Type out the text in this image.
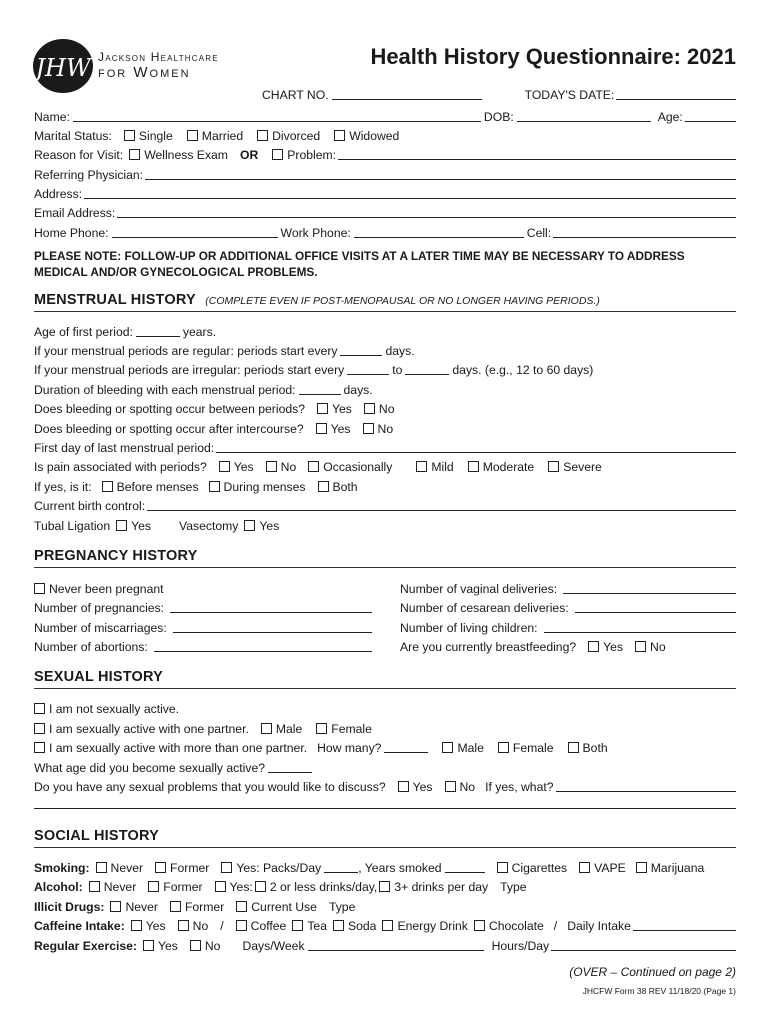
JHW Jackson Healthcare
for Women
Health History Questionnaire: 2021
CHART NO.	TODAY'S DATE:
Name:	DOB:	Age:
Marital Status: Single Married Divorced Widowed
Reason for Visit: Wellness Exam OR Problem:
Referring Physician:
Address:
Email Address:
Home Phone:	Work Phone:	Cell:
PLEASE NOTE: FOLLOW-UP OR ADDITIONAL OFFICE VISITS AT A LATER TIME MAY BE NECESSARY TO ADDRESS MEDICAL AND/OR GYNECOLOGICAL PROBLEMS.
MENSTRUAL HISTORY (COMPLETE EVEN IF POST-MENOPAUSAL OR NO LONGER HAVING PERIODS.)
Age of first period:	years.
If your menstrual periods are regular: periods start every	days.
If your menstrual periods are irregular: periods start every	to	days. (e.g., 12 to 60 days)
Duration of bleeding with each menstrual period:	days.
Does bleeding or spotting occur between periods? Yes No
Does bleeding or spotting occur after intercourse? Yes No
First day of last menstrual period:
Is pain associated with periods? Yes No Occasionally	Mild Moderate Severe
If yes, is it: Before menses During menses Both
Current birth control:
Tubal Ligation Yes Vasectomy Yes
PREGNANCY HISTORY
Never been pregnant
Number of pregnancies:
Number of miscarriages:
Number of abortions:
Number of vaginal deliveries:
Number of cesarean deliveries:
Number of living children:
Are you currently breastfeeding? Yes No
SEXUAL HISTORY
I am not sexually active.
I am sexually active with one partner. Male Female
I am sexually active with more than one partner. How many?	Male Female Both
What age did you become sexually active?
Do you have any sexual problems that you would like to discuss? Yes No If yes, what?
SOCIAL HISTORY
Smoking: Never Former Yes: Packs/Day	, Years smoked	Cigarettes VAPE Marijuana
Alcohol: Never Former Yes: 2 or less drinks/day, 3+ drinks per day Type
Illicit Drugs: Never Former Current Use Type
Caffeine Intake: Yes No / Coffee Tea Soda Energy Drink Chocolate / Daily Intake
Regular Exercise: Yes No Days/Week	Hours/Day
(OVER – Continued on page 2)
JHCFW Form 38 REV 11/18/20 (Page 1)
